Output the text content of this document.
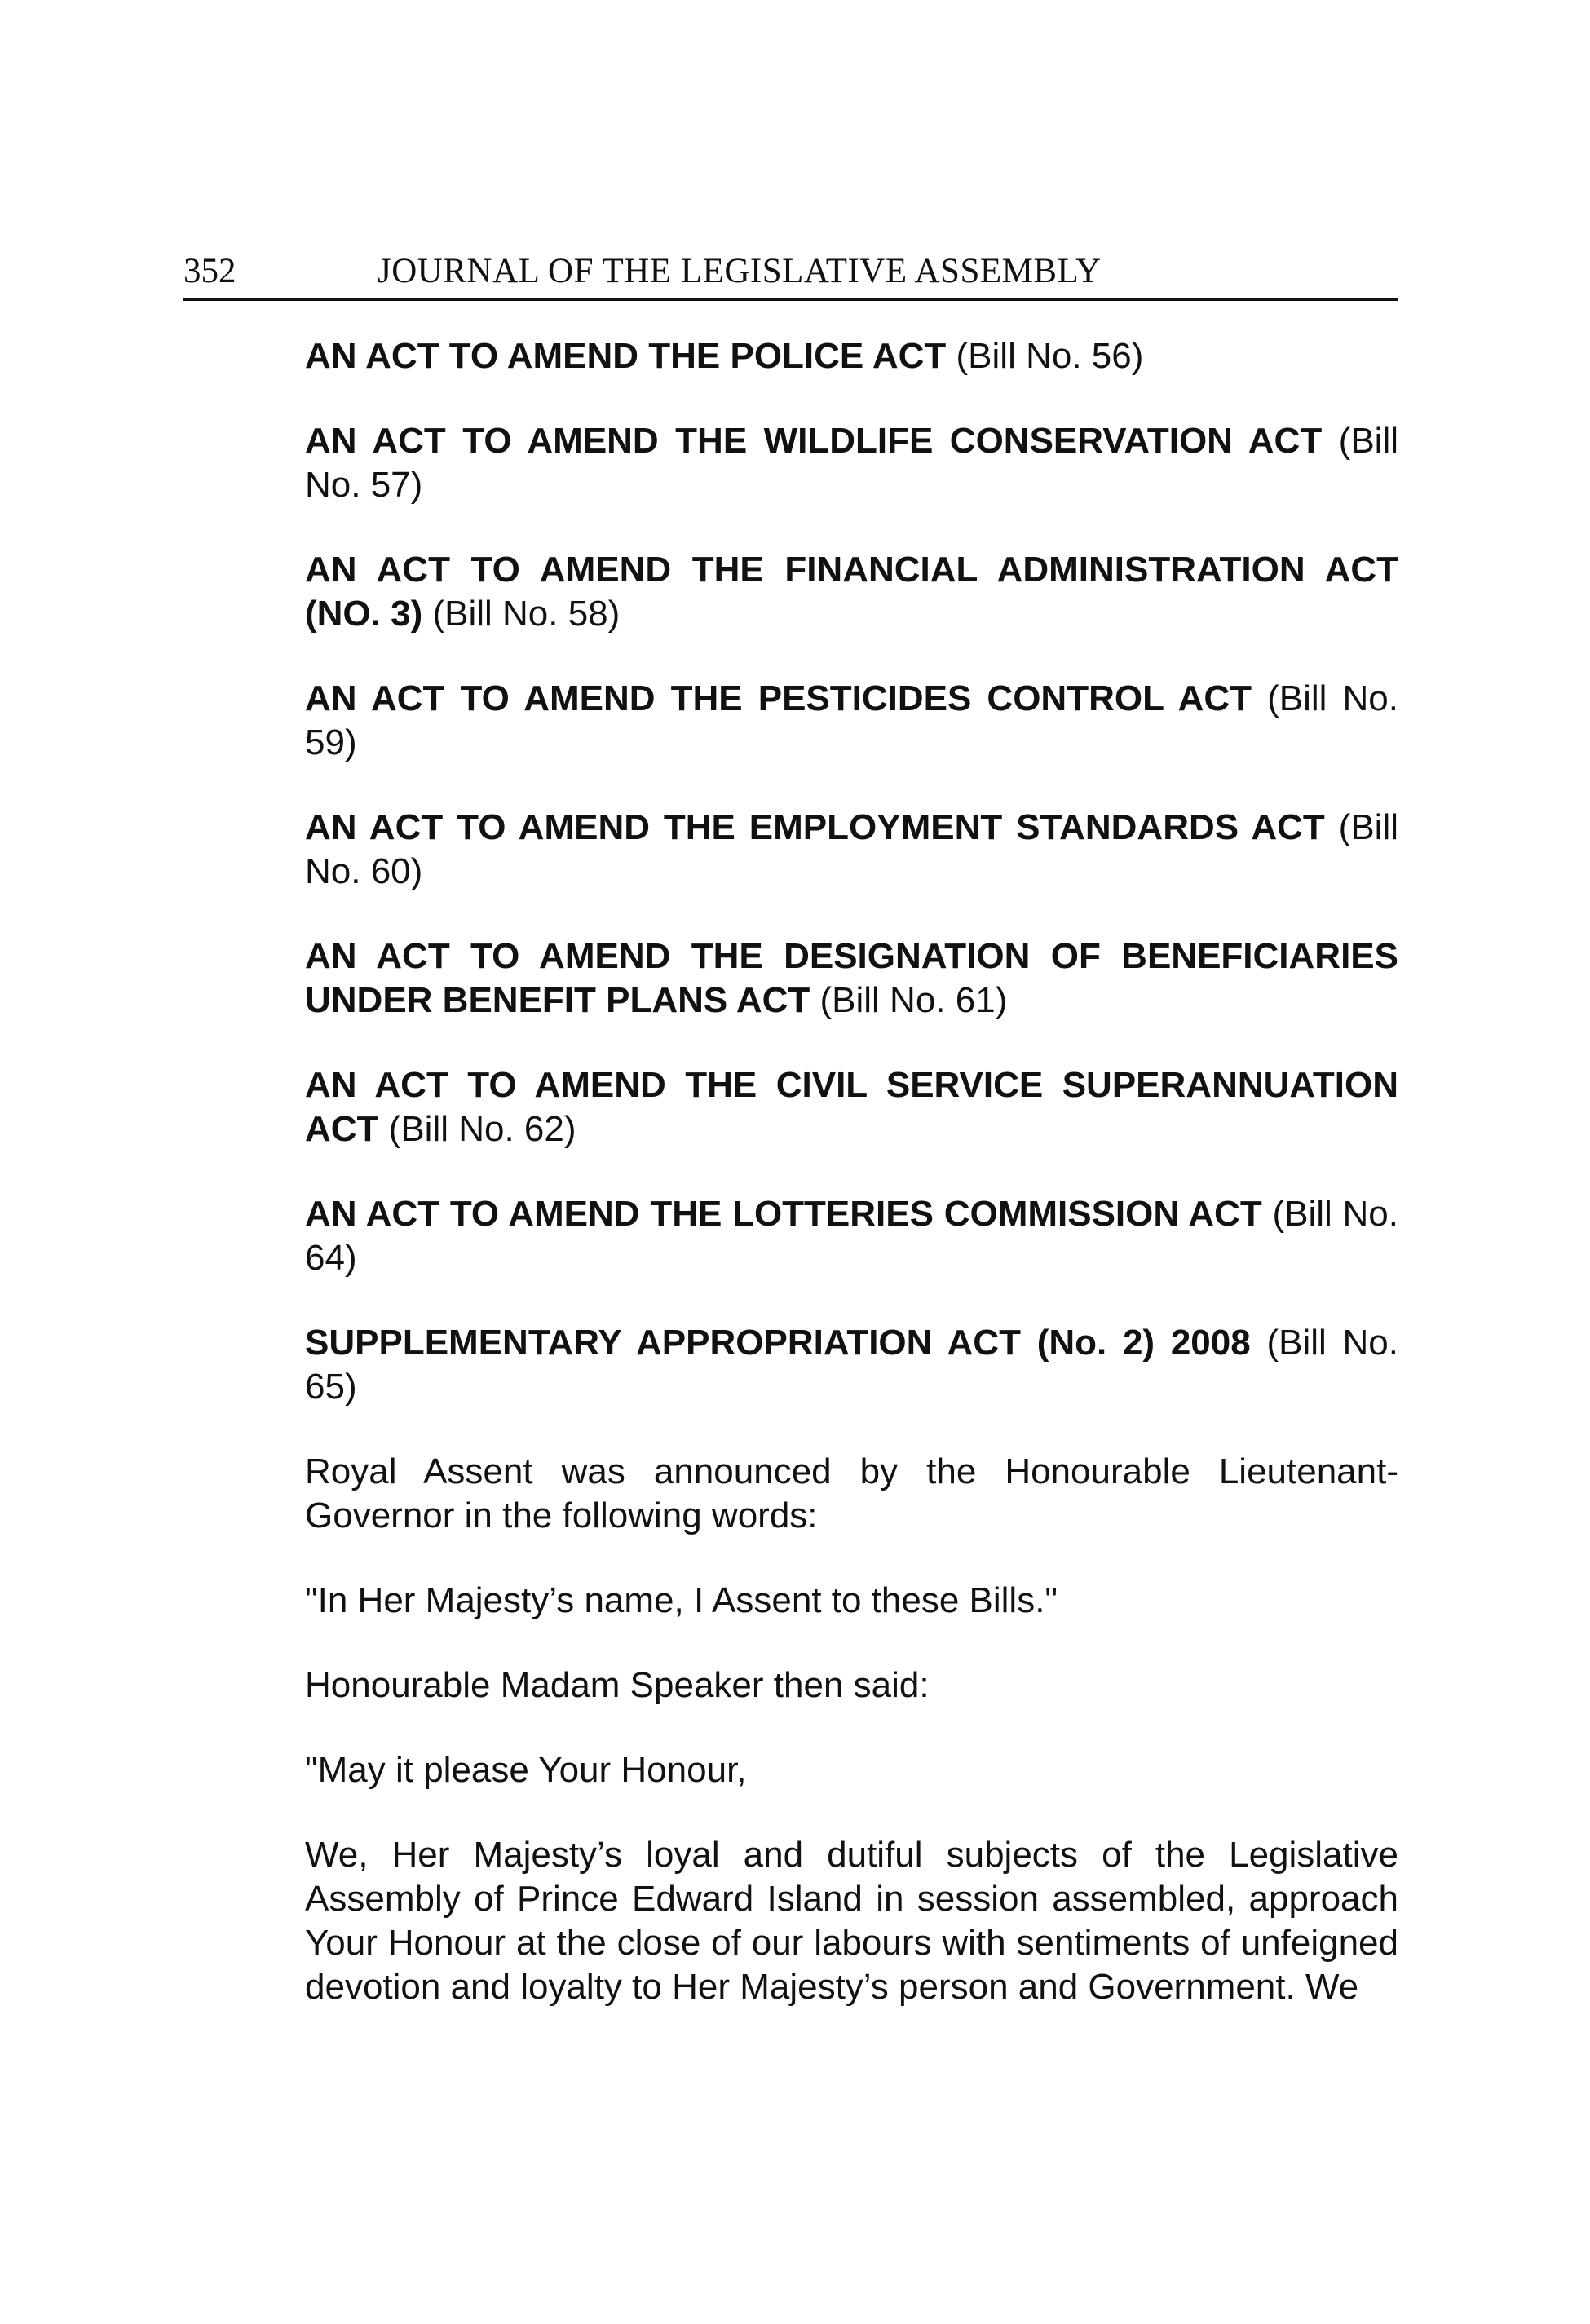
352	JOURNAL OF THE LEGISLATIVE ASSEMBLY

AN ACT TO AMEND THE POLICE ACT (Bill No. 56)

AN ACT TO AMEND THE WILDLIFE CONSERVATION ACT (Bill No. 57)

AN ACT TO AMEND THE FINANCIAL ADMINISTRATION ACT (NO. 3) (Bill No. 58)

AN ACT TO AMEND THE PESTICIDES CONTROL ACT (Bill No. 59)

AN ACT TO AMEND THE EMPLOYMENT STANDARDS ACT (Bill No. 60)

AN ACT TO AMEND THE DESIGNATION OF BENEFICIARIES UNDER BENEFIT PLANS ACT (Bill No. 61)

AN ACT TO AMEND THE CIVIL SERVICE SUPERANNUATION ACT (Bill No. 62)

AN ACT TO AMEND THE LOTTERIES COMMISSION ACT (Bill No. 64)

SUPPLEMENTARY APPROPRIATION ACT (No. 2) 2008 (Bill No. 65)

Royal Assent was announced by the Honourable Lieutenant-Governor in the following words:

"In Her Majesty’s name, I Assent to these Bills."

Honourable Madam Speaker then said:

"May it please Your Honour,

We, Her Majesty’s loyal and dutiful subjects of the Legislative Assembly of Prince Edward Island in session assembled, approach Your Honour at the close of our labours with sentiments of unfeigned devotion and loyalty to Her Majesty’s person and Government. We
